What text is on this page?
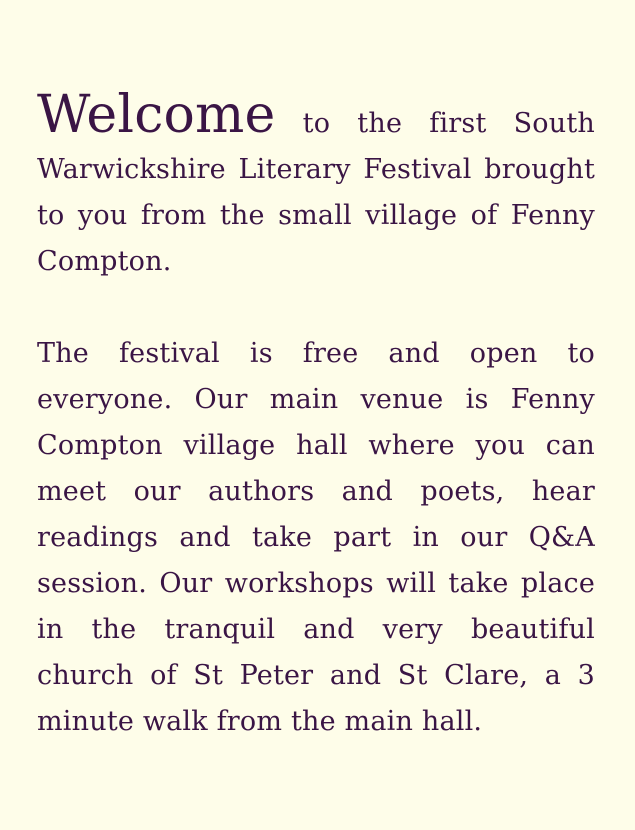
Welcome to the first South Warwickshire Literary Festival brought to you from the small village of Fenny Compton.

The festival is free and open to everyone. Our main venue is Fenny Compton village hall where you can meet our authors and poets, hear readings and take part in our Q&A session. Our workshops will take place in the tranquil and very beautiful church of St Peter and St Clare, a 3 minute walk from the main hall.
